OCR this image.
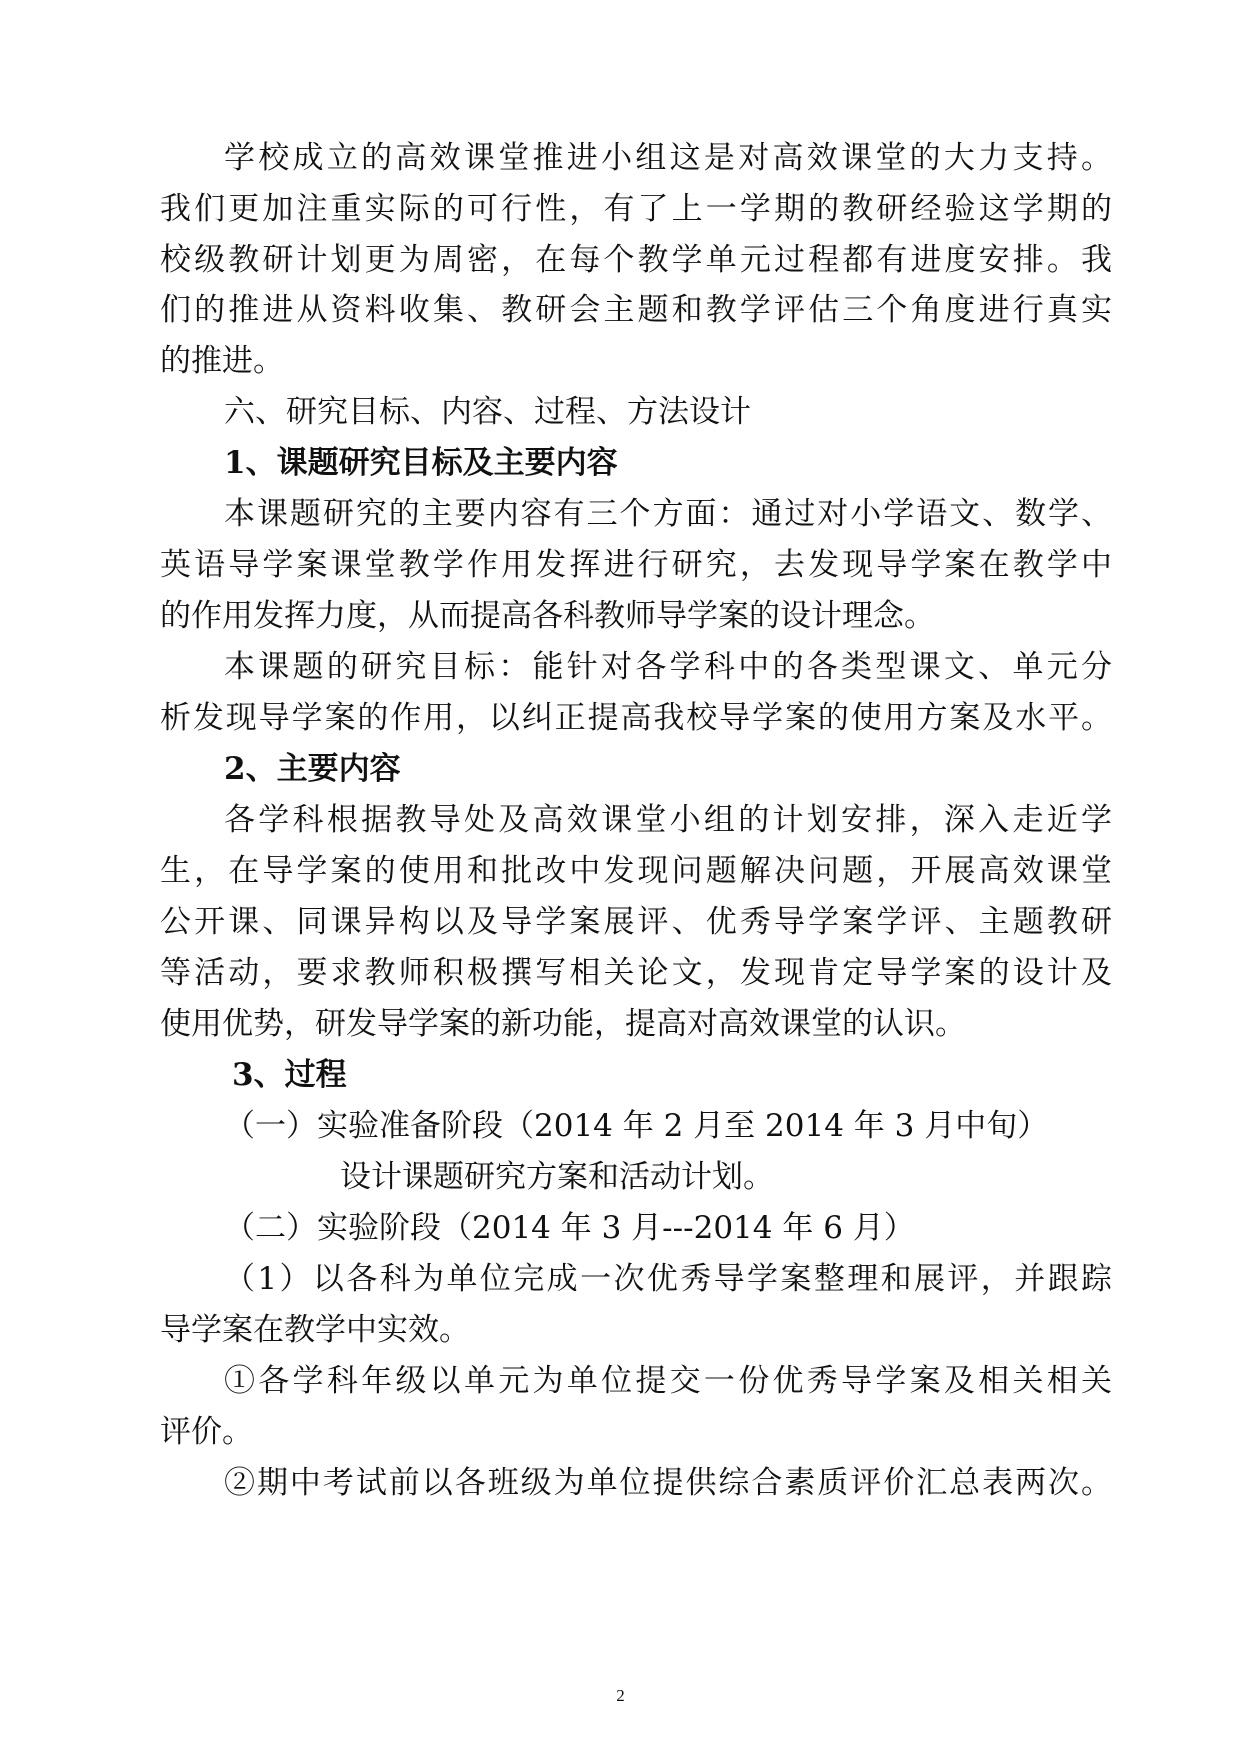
学校成立的高效课堂推进小组这是对高效课堂的大力支持。
我们更加注重实际的可行性，有了上一学期的教研经验这学期的
校级教研计划更为周密，在每个教学单元过程都有进度安排。我
们的推进从资料收集、教研会主题和教学评估三个角度进行真实
的推进。
六、研究目标、内容、过程、方法设计
1、课题研究目标及主要内容
本课题研究的主要内容有三个方面：通过对小学语文、数学、
英语导学案课堂教学作用发挥进行研究，去发现导学案在教学中
的作用发挥力度，从而提高各科教师导学案的设计理念。
本课题的研究目标：能针对各学科中的各类型课文、单元分
析发现导学案的作用，以纠正提高我校导学案的使用方案及水平。
2、主要内容
各学科根据教导处及高效课堂小组的计划安排，深入走近学
生，在导学案的使用和批改中发现问题解决问题，开展高效课堂
公开课、同课异构以及导学案展评、优秀导学案学评、主题教研
等活动，要求教师积极撰写相关论文，发现肯定导学案的设计及
使用优势，研发导学案的新功能，提高对高效课堂的认识。
3、过程
（一）实验准备阶段（2014 年 2 月至 2014 年 3 月中旬）
设计课题研究方案和活动计划。
（二）实验阶段（2014 年 3 月---2014 年 6 月）
（1）以各科为单位完成一次优秀导学案整理和展评，并跟踪
导学案在教学中实效。
①各学科年级以单元为单位提交一份优秀导学案及相关相关
评价。
②期中考试前以各班级为单位提供综合素质评价汇总表两次。
2
